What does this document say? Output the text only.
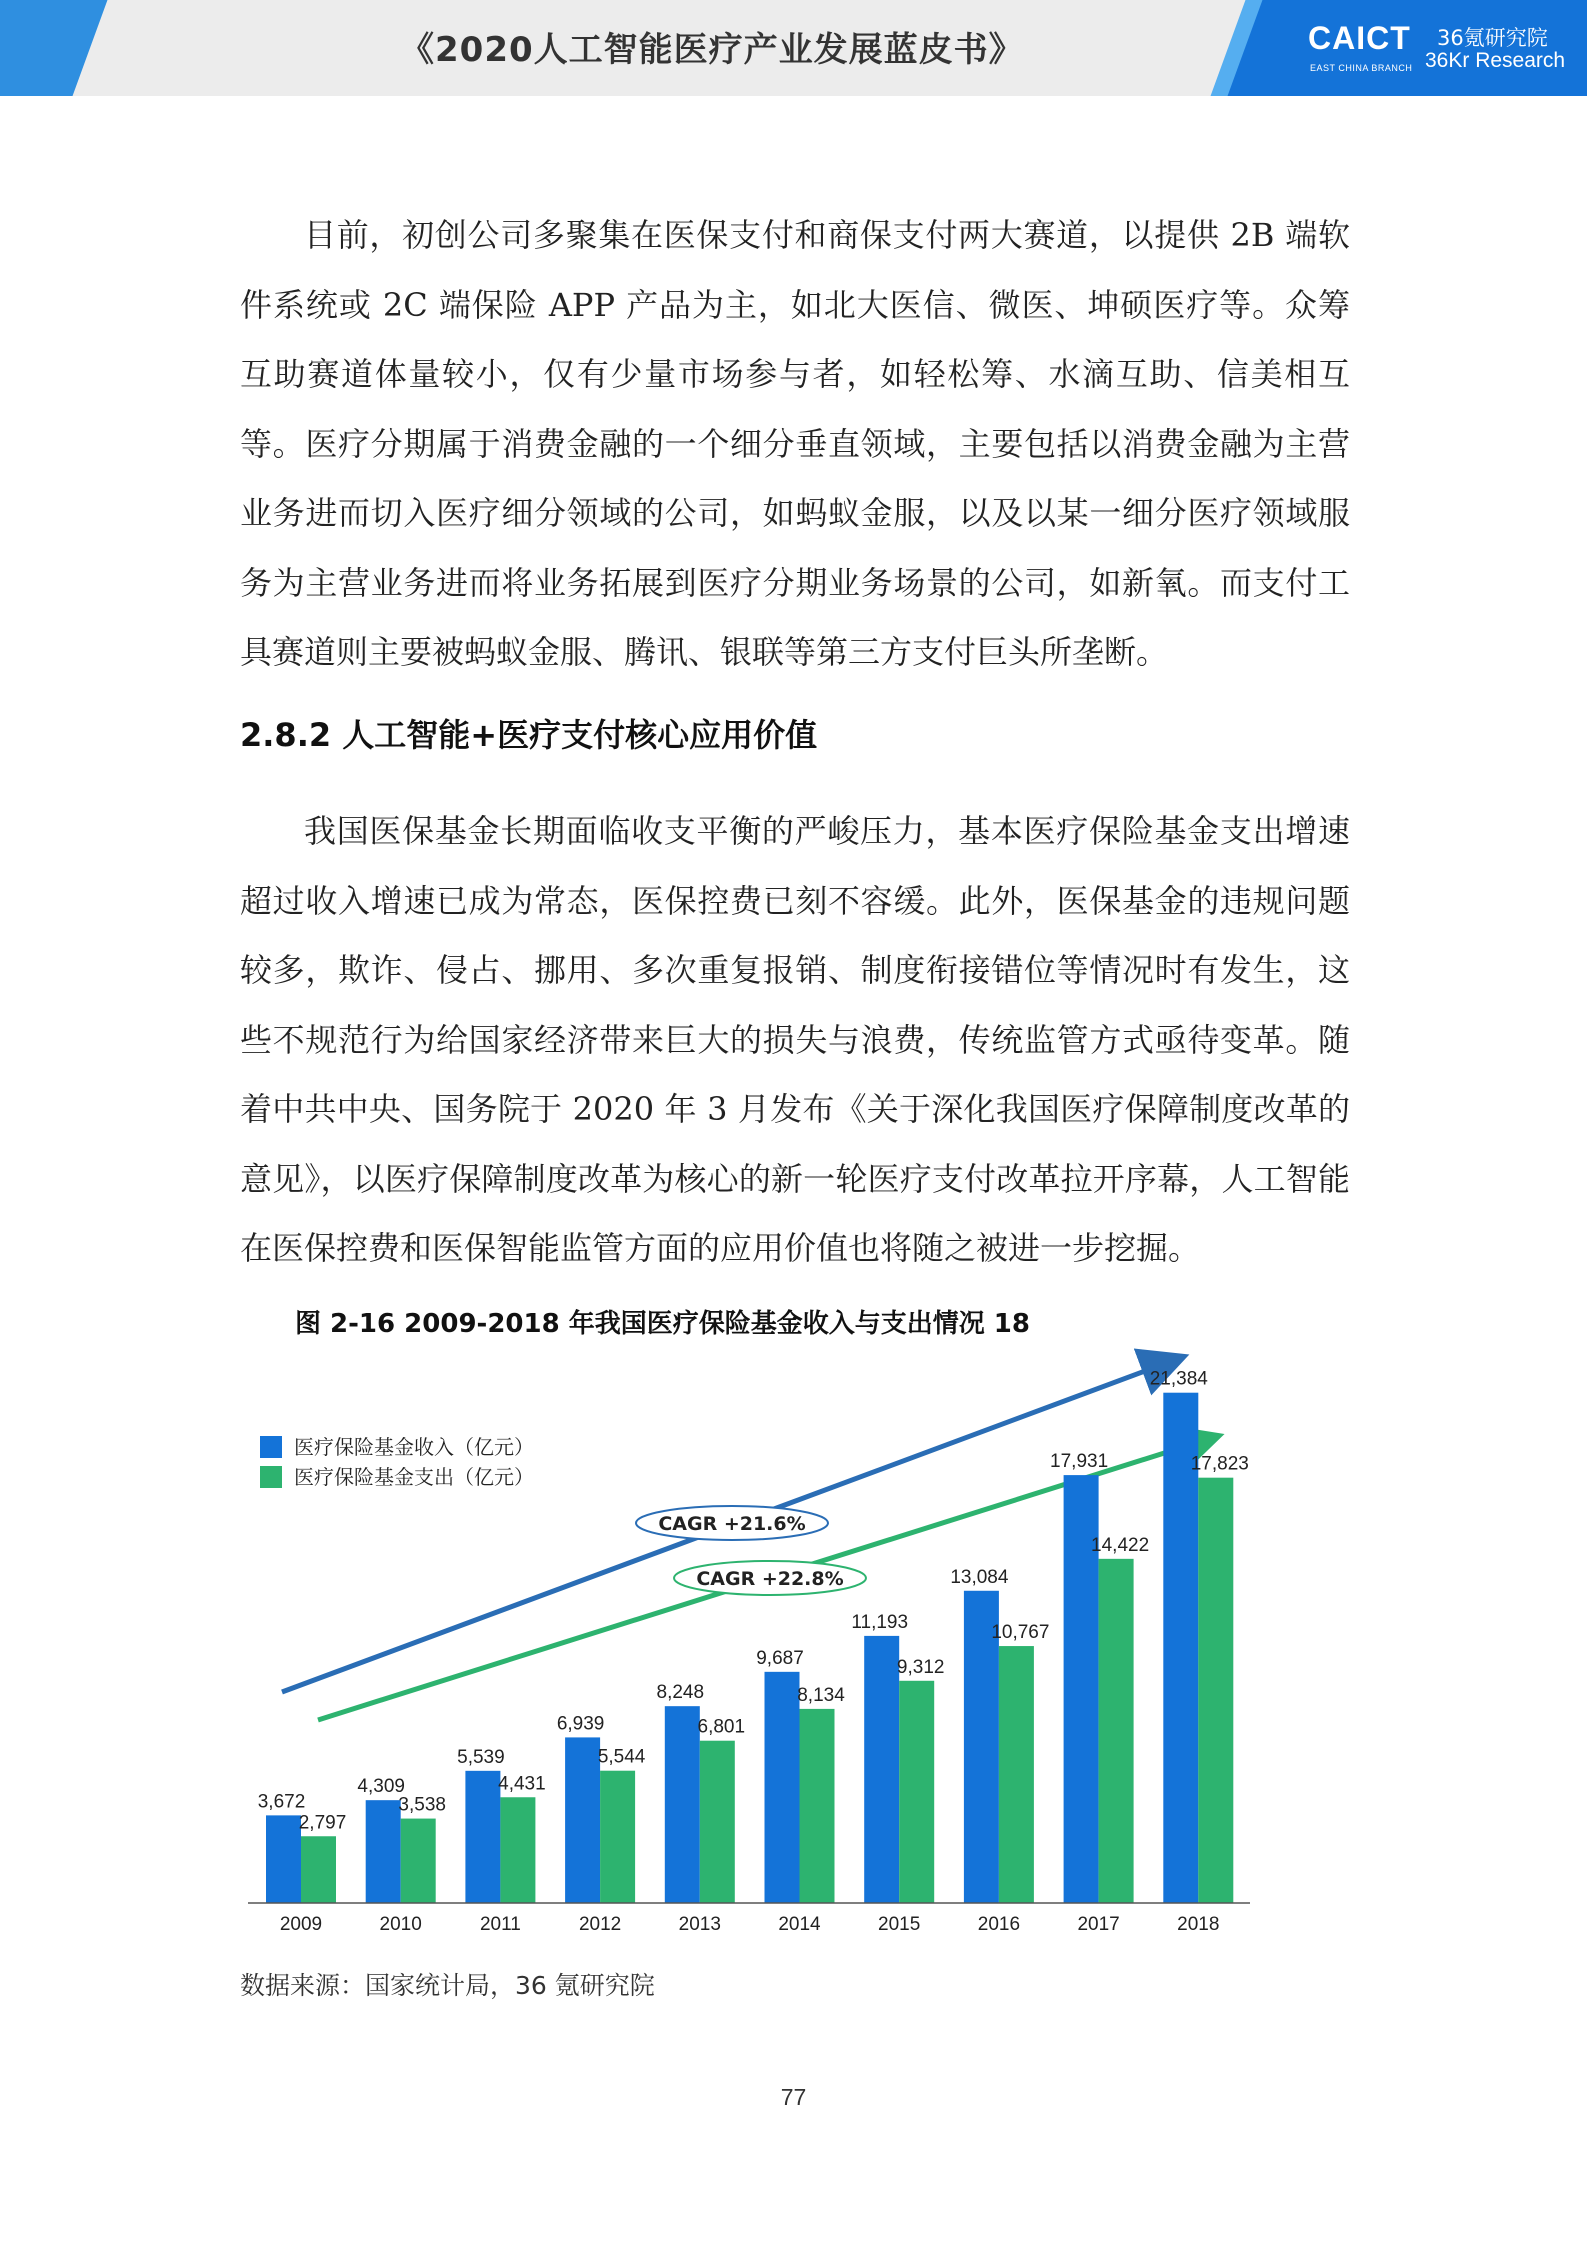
《2020人工智能医疗产业发展蓝皮书》	CAICT
EAST CHINA BRANCH
36氪研究院
36Kr Research

目前，初创公司多聚集在医保支付和商保支付两大赛道，以提供 2B 端软件系统或 2C 端保险 APP 产品为主，如北大医信、微医、坤硕医疗等。众筹互助赛道体量较小，仅有少量市场参与者，如轻松筹、水滴互助、信美相互等。医疗分期属于消费金融的一个细分垂直领域，主要包括以消费金融为主营业务进而切入医疗细分领域的公司，如蚂蚁金服，以及以某一细分医疗领域服务为主营业务进而将业务拓展到医疗分期业务场景的公司，如新氧。而支付工具赛道则主要被蚂蚁金服、腾讯、银联等第三方支付巨头所垄断。

2.8.2 人工智能+医疗支付核心应用价值

我国医保基金长期面临收支平衡的严峻压力，基本医疗保险基金支出增速超过收入增速已成为常态，医保控费已刻不容缓。此外，医保基金的违规问题较多，欺诈、侵占、挪用、多次重复报销、制度衔接错位等情况时有发生，这些不规范行为给国家经济带来巨大的损失与浪费，传统监管方式亟待变革。随着中共中央、国务院于 2020 年 3 月发布《关于深化我国医疗保障制度改革的意见》，以医疗保障制度改革为核心的新一轮医疗支付改革拉开序幕，人工智能在医保控费和医保智能监管方面的应用价值也将随之被进一步挖掘。

图 2-16 2009-2018 年我国医疗保险基金收入与支出情况 18
医疗保险基金收入（亿元）
医疗保险基金支出（亿元）
CAGR +21.6%
CAGR +22.8%
3,672
2,797
4,309
3,538
5,539
4,431
6,939
5,544
8,248
6,801
9,687
8,134
11,193
9,312
13,084
10,767
17,931
14,422
21,384
17,823
2009	2010	2011	2012	2013	2014	2015	2016	2017	2018
数据来源：国家统计局，36 氪研究院
77
